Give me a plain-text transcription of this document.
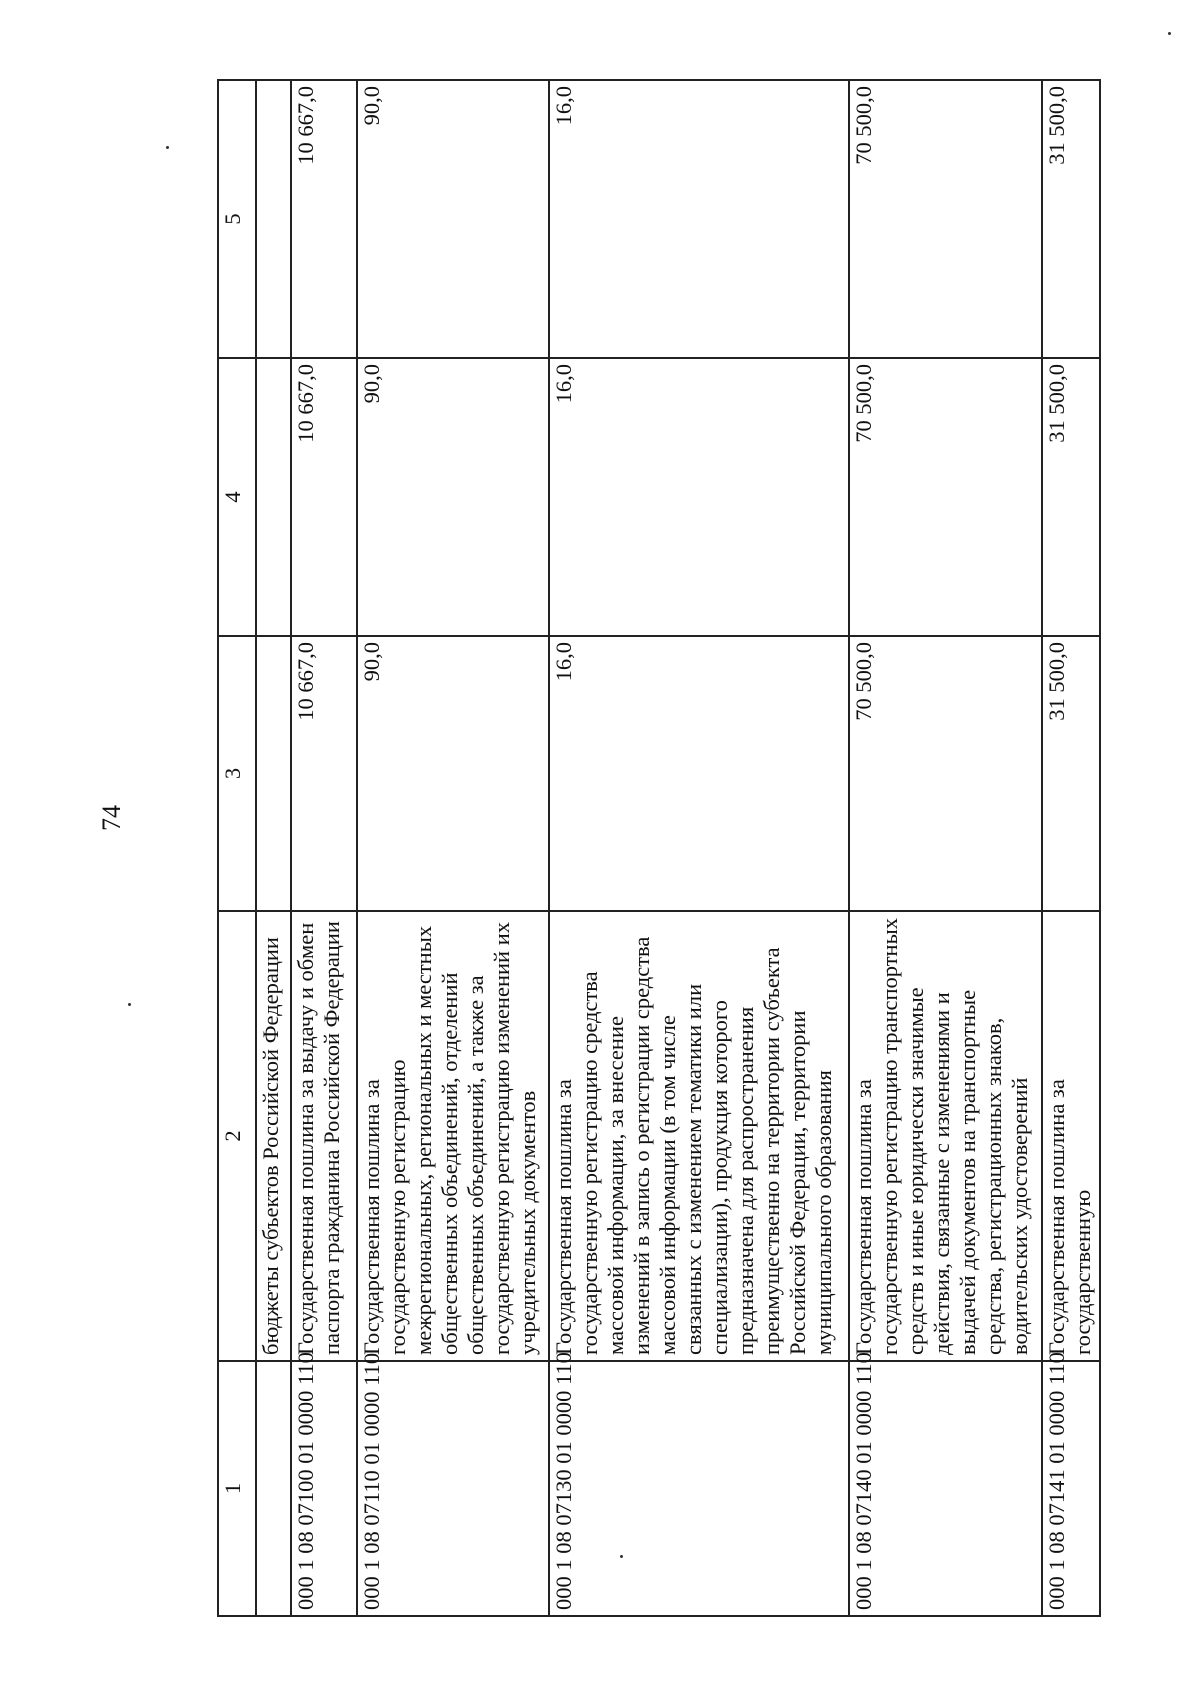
74
1	2	3	4	5
	бюджеты субъектов Российской Федерации			
000 1 08 07100 01 0000 110	Государственная пошлина за выдачу и обмен паспорта гражданина Российской Федерации	10 667,0	10 667,0	10 667,0
000 1 08 07110 01 0000 110	Государственная пошлина за государственную регистрацию межрегиональных, региональных и местных общественных объединений, отделений общественных объединений, а также за государственную регистрацию изменений их учредительных документов	90,0	90,0	90,0
000 1 08 07130 01 0000 110	Государственная пошлина за государственную регистрацию средства массовой информации, за внесение изменений в запись о регистрации средства массовой информации (в том числе связанных с изменением тематики или специализации), продукция которого предназначена для распространения преимущественно на территории субъекта Российской Федерации, территории муниципального образования	16,0	16,0	16,0
000 1 08 07140 01 0000 110	Государственная пошлина за государственную регистрацию транспортных средств и иные юридически значимые действия, связанные с изменениями и выдачей документов на транспортные средства, регистрационных знаков, водительских удостоверений	70 500,0	70 500,0	70 500,0
000 1 08 07141 01 0000 110	Государственная пошлина за государственную	31 500,0	31 500,0	31 500,0
